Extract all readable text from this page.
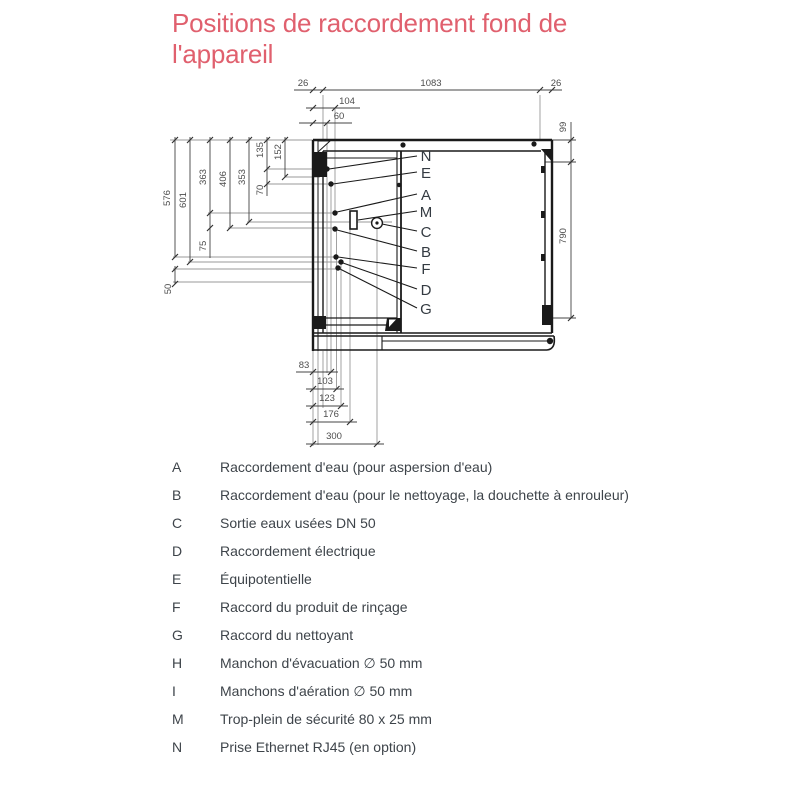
Positions de raccordement fond de
l'appareil
N
E
A
M
C
B
F
D
G
26	1083	26
104
60
576 601
363 406 353
135 152
70
75
50
99
790
83
103
123
176
300
A	Raccordement d'eau (pour aspersion d'eau)
B	Raccordement d'eau (pour le nettoyage, la douchette à enrouleur)
C	Sortie eaux usées DN 50
D	Raccordement électrique
E	Équipotentielle
F	Raccord du produit de rinçage
G	Raccord du nettoyant
H	Manchon d'évacuation ∅ 50 mm
I	Manchons d'aération ∅ 50 mm
M	Trop-plein de sécurité 80 x 25 mm
N	Prise Ethernet RJ45 (en option)
